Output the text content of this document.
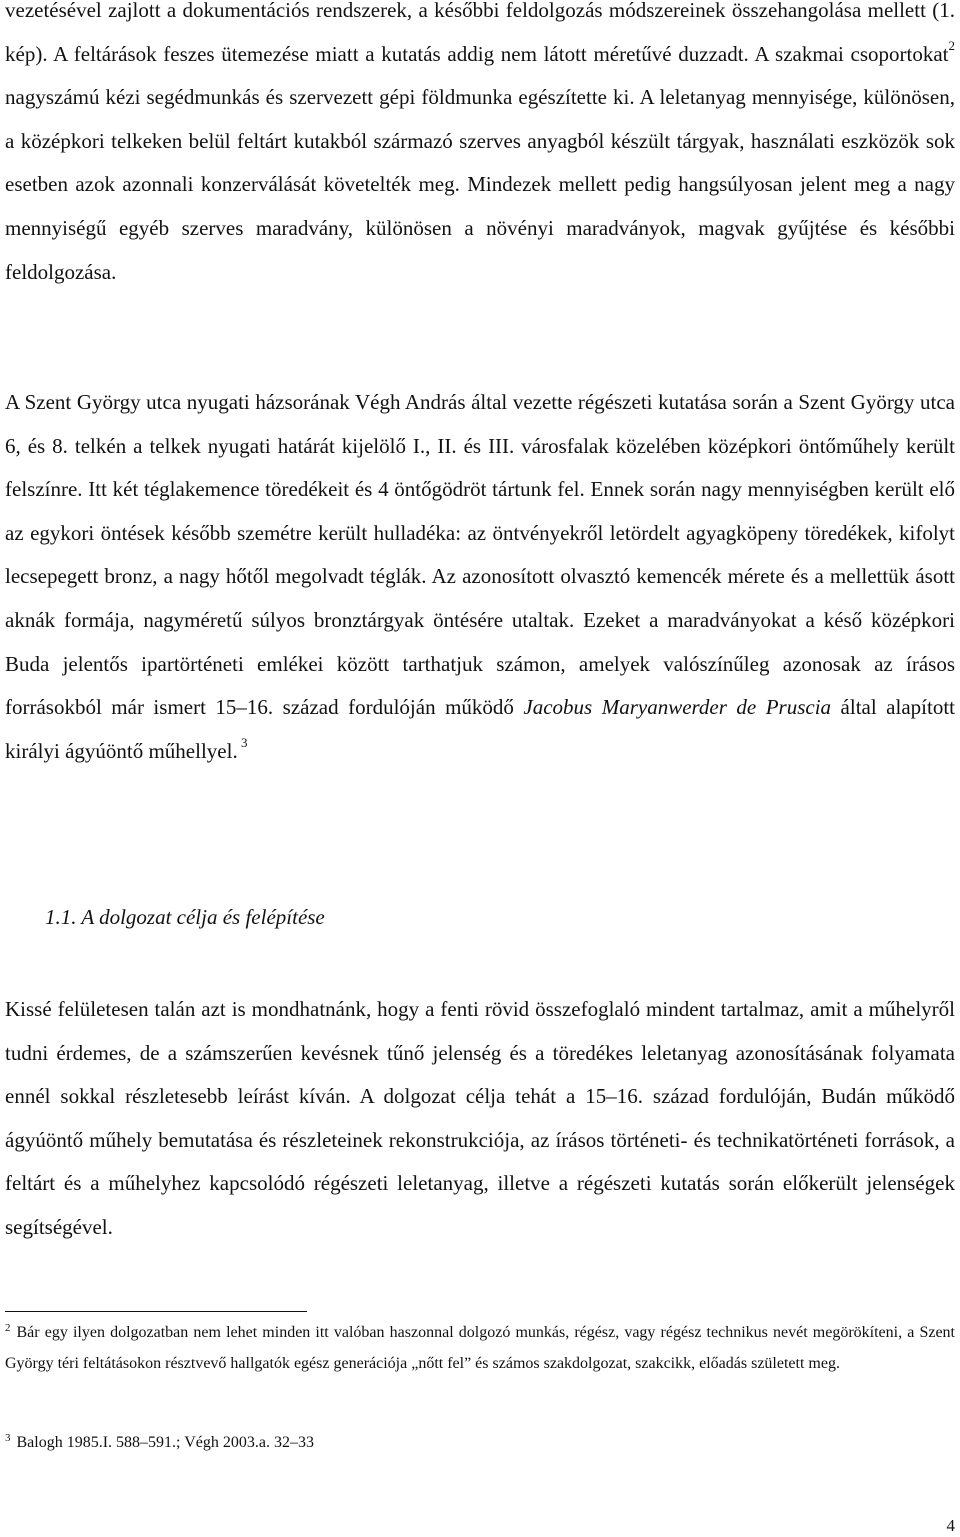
vezetésével zajlott a dokumentációs rendszerek, a későbbi feldolgozás módszereinek összehangolása mellett (1. kép). A feltárások feszes ütemezése miatt a kutatás addig nem látott méretűvé duzzadt. A szakmai csoportokat$^2$ nagyszámú kézi segédmunkás és szervezett gépi földmunka egészítette ki. A leletanyag mennyisége, különösen, a középkori telkeken belül feltárt kutakból származó szerves anyagból készült tárgyak, használati eszközök sok esetben azok azonnali konzerválását követelték meg. Mindezek mellett pedig hangsúlyosan jelent meg a nagy mennyiségű egyéb szerves maradvány, különösen a növényi maradványok, magvak gyűjtése és későbbi feldolgozása.

A Szent György utca nyugati házsorának Végh András által vezette régészeti kutatása során a Szent György utca 6, és 8. telkén a telkek nyugati határát kijelölő I., II. és III. városfalak közelében középkori öntőműhely került felszínre. Itt két téglakemence töredékeit és 4 öntőgödröt tártunk fel. Ennek során nagy mennyiségben került elő az egykori öntések később szemétre került hulladéka: az öntvényekről letördelt agyagköpeny töredékek, kifolyt lecsepegett bronz, a nagy hőtől megolvadt téglák. Az azonosított olvasztó kemencék mérete és a mellettük ásott aknák formája, nagyméretű súlyos bronztárgyak öntésére utaltak. Ezeket a maradványokat a késő középkori Buda jelentős ipartörténeti emlékei között tarthatjuk számon, amelyek valószínűleg azonosak az írásos forrásokból már ismert 15–16. század fordulóján működő Jacobus Maryanwerder de Pruscia által alapított királyi ágyúöntő műhellyel. $^3$

1.1. A dolgozat célja és felépítése

Kissé felületesen talán azt is mondhatnánk, hogy a fenti rövid összefoglaló mindent tartalmaz, amit a műhelyről tudni érdemes, de a számszerűen kevésnek tűnő jelenség és a töredékes leletanyag azonosításának folyamata ennél sokkal részletesebb leírást kíván. A dolgozat célja tehát a 15–16. század fordulóján, Budán működő ágyúöntő műhely bemutatása és részleteinek rekonstrukciója, az írásos történeti- és technikatörténeti források, a feltárt és a műhelyhez kapcsolódó régészeti leletanyag, illetve a régészeti kutatás során előkerült jelenségek segítségével.

$^2$ Bár egy ilyen dolgozatban nem lehet minden itt valóban haszonnal dolgozó munkás, régész, vagy régész technikus nevét megörökíteni, a Szent György téri feltátásokon résztvevő hallgatók egész generációja „nőtt fel” és számos szakdolgozat, szakcikk, előadás született meg.

$^3$ Balogh 1985.I. 588–591.; Végh 2003.a. 32–33

4
